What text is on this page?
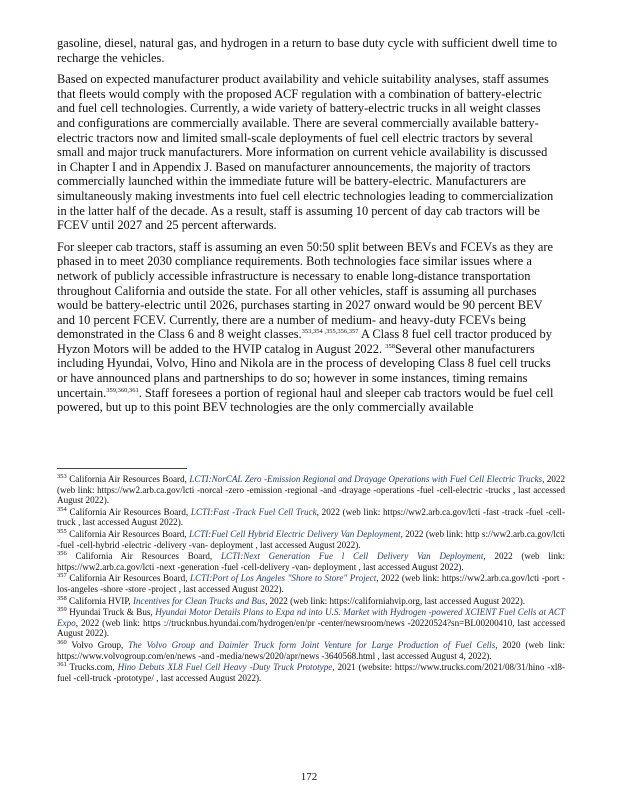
gasoline, diesel, natural gas, and hydrogen in a return to base duty cycle with sufficient dwell time to recharge the vehicles.

Based on expected manufacturer product availability and vehicle suitability analyses, staff assumes that fleets would comply with the proposed ACF regulation with a combination of battery-electric and fuel cell technologies. Currently, a wide variety of battery-electric trucks in all weight classes and configurations are commercially available. There are several commercially available battery-electric tractors now and limited small-scale deployments of fuel cell electric tractors by several small and major truck manufacturers. More information on current vehicle availability is discussed in Chapter I and in Appendix J. Based on manufacturer announcements, the majority of tractors commercially launched within the immediate future will be battery-electric. Manufacturers are simultaneously making investments into fuel cell electric technologies leading to commercialization in the latter half of the decade. As a result, staff is assuming 10 percent of day cab tractors will be FCEV until 2027 and 25 percent afterwards.

For sleeper cab tractors, staff is assuming an even 50:50 split between BEVs and FCEVs as they are phased in to meet 2030 compliance requirements. Both technologies face similar issues where a network of publicly accessible infrastructure is necessary to enable long-distance transportation throughout California and outside the state. For all other vehicles, staff is assuming all purchases would be battery-electric until 2026, purchases starting in 2027 onward would be 90 percent BEV and 10 percent FCEV. Currently, there are a number of medium- and heavy-duty FCEVs being demonstrated in the Class 6 and 8 weight classes.$^{353,354 ,355,356,357}$ A Class 8 fuel cell tractor produced by Hyzon Motors will be added to the HVIP catalog in August 2022. $^{358}$Several other manufacturers including Hyundai, Volvo, Hino and Nikola are in the process of developing Class 8 fuel cell trucks or have announced plans and partnerships to do so; however in some instances, timing remains uncertain.$^{359,360,361}$. Staff foresees a portion of regional haul and sleeper cab tractors would be fuel cell powered, but up to this point BEV technologies are the only commercially available

$^{353}$ California Air Resources Board, LCTI:NorCAL Zero -Emission Regional and Drayage Operations with Fuel Cell Electric Trucks, 2022 (web link: https://ww2.arb.ca.gov/lcti -norcal -zero -emission -regional -and -drayage -operations -fuel -cell-electric -trucks , last accessed August 2022).

$^{354}$ California Air Resources Board, LCTI:Fast -Track Fuel Cell Truck, 2022 (web link: https://ww2.arb.ca.gov/lcti -fast -track -fuel -cell-truck , last accessed August 2022).

$^{355}$ California Air Resources Board, LCTI:Fuel Cell Hybrid Electric Delivery Van Deployment, 2022 (web link: http s://ww2.arb.ca.gov/lcti -fuel -cell-hybrid -electric -delivery -van- deployment , last accessed August 2022).

$^{356}$ California Air Resources Board, LCTI:Next Generation Fue l Cell Delivery Van Deployment, 2022 (web link: https://ww2.arb.ca.gov/lcti -next -generation -fuel -cell-delivery -van- deployment , last accessed August 2022).

$^{357}$ California Air Resources Board, LCTI:Port of Los Angeles "Shore to Store" Project, 2022 (web link: https://ww2.arb.ca.gov/lcti -port -los-angeles -shore -store -project , last accessed August 2022).

$^{358}$ California HVIP, Incentives for Clean Trucks and Bus, 2022 (web link: https://californiahvip.org, last accessed August 2022).

$^{359}$ Hyundai Truck & Bus, Hyundai Motor Details Plans to Expa nd into U.S. Market with Hydrogen -powered XCIENT Fuel Cells at ACT Expo, 2022 (web link: https ://trucknbus.hyundai.com/hydrogen/en/pr -center/newsroom/news -20220524?sn=BL00200410, last accessed August 2022).

$^{360}$ Volvo Group, The Volvo Group and Daimler Truck form Joint Venture for Large Production of Fuel Cells, 2020 (web link: https://www.volvogroup.com/en/news -and -media/news/2020/apr/news -3640568.html , last accessed August 4, 2022).

$^{361}$ Trucks.com, Hino Debuts XL8 Fuel Cell Heavy -Duty Truck Prototype, 2021 (website: https://www.trucks.com/2021/08/31/hino -xl8-fuel -cell-truck -prototype/ , last accessed August 2022).

172
